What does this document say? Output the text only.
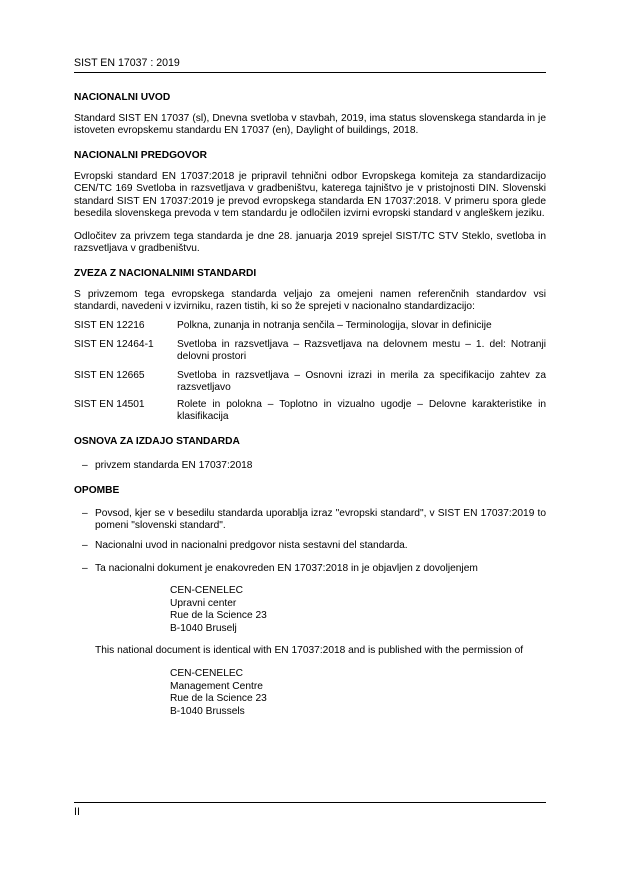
SIST EN 17037 : 2019
NACIONALNI UVOD
Standard SIST EN 17037 (sl), Dnevna svetloba v stavbah, 2019, ima status slovenskega standarda in je istoveten evropskemu standardu EN 17037 (en), Daylight of buildings, 2018.
NACIONALNI PREDGOVOR
Evropski standard EN 17037:2018 je pripravil tehnični odbor Evropskega komiteja za standardizacijo CEN/TC 169 Svetloba in razsvetljava v gradbeništvu, katerega tajništvo je v pristojnosti DIN. Slovenski standard SIST EN 17037:2019 je prevod evropskega standarda EN 17037:2018. V primeru spora glede besedila slovenskega prevoda v tem standardu je odločilen izvirni evropski standard v angleškem jeziku.
Odločitev za privzem tega standarda je dne 28. januarja 2019 sprejel SIST/TC STV Steklo, svetloba in razsvetljava v gradbeništvu.
ZVEZA Z NACIONALNIMI STANDARDI
S privzemom tega evropskega standarda veljajo za omejeni namen referenčnih standardov vsi standardi, navedeni v izvirniku, razen tistih, ki so že sprejeti v nacionalno standardizacijo:
SIST EN 12216	Polkna, zunanja in notranja senčila – Terminologija, slovar in definicije
SIST EN 12464-1	Svetloba in razsvetljava – Razsvetljava na delovnem mestu – 1. del: Notranji delovni prostori
SIST EN 12665	Svetloba in razsvetljava – Osnovni izrazi in merila za specifikacijo zahtev za razsvetljavo
SIST EN 14501	Rolete in polokna – Toplotno in vizualno ugodje – Delovne karakteristike in klasifikacija
OSNOVA ZA IZDAJO STANDARDA
– privzem standarda EN 17037:2018
OPOMBE
– Povsod, kjer se v besedilu standarda uporablja izraz "evropski standard", v SIST EN 17037:2019 to pomeni "slovenski standard".
– Nacionalni uvod in nacionalni predgovor nista sestavni del standarda.
– Ta nacionalni dokument je enakovreden EN 17037:2018 in je objavljen z dovoljenjem
CEN-CENELEC
Upravni center
Rue de la Science 23
B-1040 Bruselj
This national document is identical with EN 17037:2018 and is published with the permission of
CEN-CENELEC
Management Centre
Rue de la Science 23
B-1040 Brussels
II
